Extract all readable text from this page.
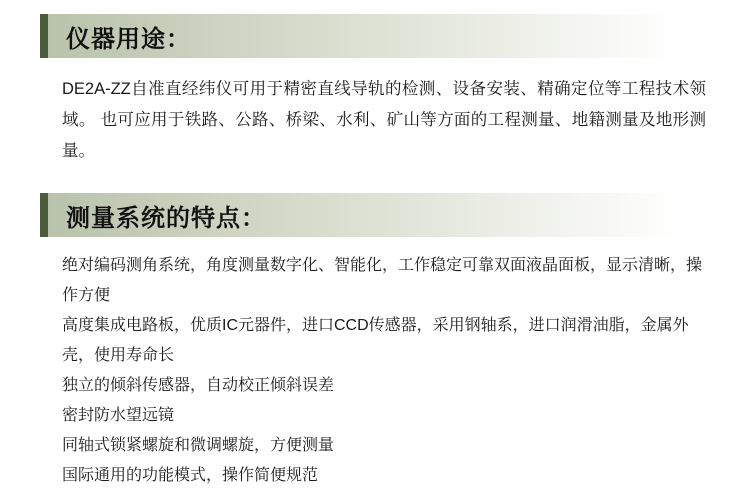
仪器用途：

DE2A-ZZ自准直经纬仪可用于精密直线导轨的检测、设备安装、精确定位等工程技术领域。 也可应用于铁路、公路、桥梁、水利、矿山等方面的工程测量、地籍测量及地形测量。

测量系统的特点：
绝对编码测角系统，角度测量数字化、智能化，工作稳定可靠双面液晶面板，显示清晰，操作方便
高度集成电路板，优质IC元器件，进口CCD传感器，采用钢轴系，进口润滑油脂，金属外壳，使用寿命长
独立的倾斜传感器，自动校正倾斜误差
密封防水望远镜
同轴式锁紧螺旋和微调螺旋，方便测量
国际通用的功能模式，操作简便规范
